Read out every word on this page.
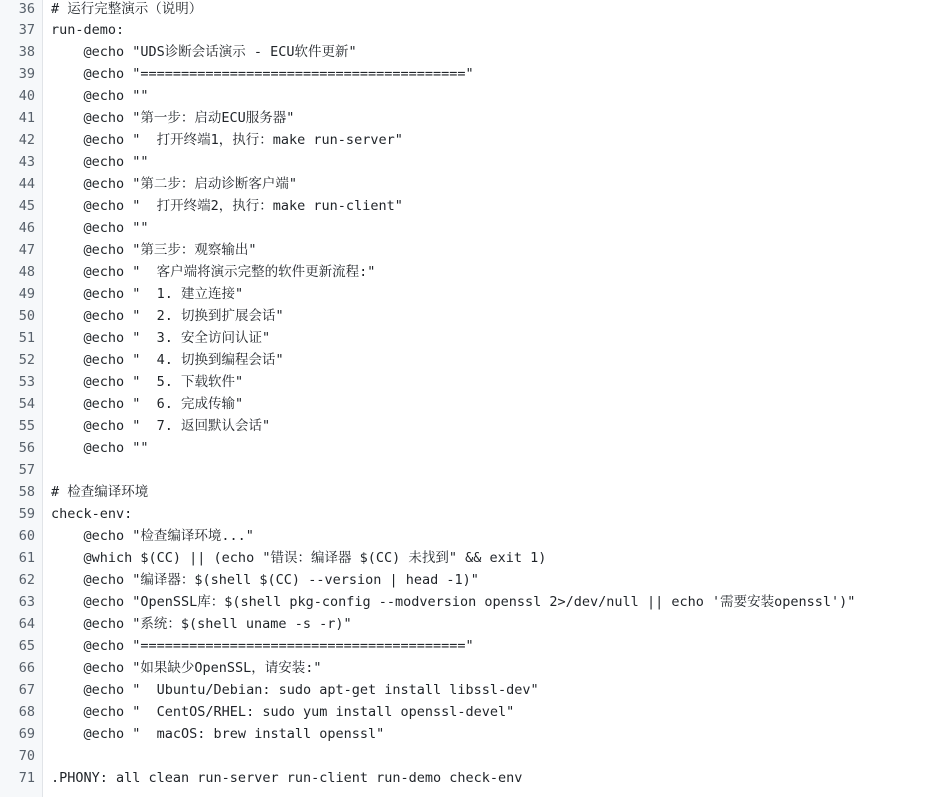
36 # 运行完整演示（说明）
37 run-demo:
38 @echo "UDS诊断会话演示 - ECU软件更新"
39 @echo "========================================"
40 @echo ""
41 @echo "第一步：启动ECU服务器"
42 @echo "  打开终端1，执行：make run-server"
43 @echo ""
44 @echo "第二步：启动诊断客户端"
45 @echo "  打开终端2，执行：make run-client"
46 @echo ""
47 @echo "第三步：观察输出"
48 @echo "  客户端将演示完整的软件更新流程:"
49 @echo "  1. 建立连接"
50 @echo "  2. 切换到扩展会话"
51 @echo "  3. 安全访问认证"
52 @echo "  4. 切换到编程会话"
53 @echo "  5. 下载软件"
54 @echo "  6. 完成传输"
55 @echo "  7. 返回默认会话"
56 @echo ""
57
58 # 检查编译环境
59 check-env:
60 @echo "检查编译环境..."
61 @which $(CC) || (echo "错误：编译器 $(CC) 未找到" && exit 1)
62 @echo "编译器：$(shell $(CC) --version | head -1)"
63 @echo "OpenSSL库：$(shell pkg-config --modversion openssl 2>/dev/null || echo '需要安装openssl')"
64 @echo "系统：$(shell uname -s -r)"
65 @echo "========================================"
66 @echo "如果缺少OpenSSL，请安装:"
67 @echo "  Ubuntu/Debian: sudo apt-get install libssl-dev"
68 @echo "  CentOS/RHEL: sudo yum install openssl-devel"
69 @echo "  macOS: brew install openssl"
70
71 .PHONY: all clean run-server run-client run-demo check-env
